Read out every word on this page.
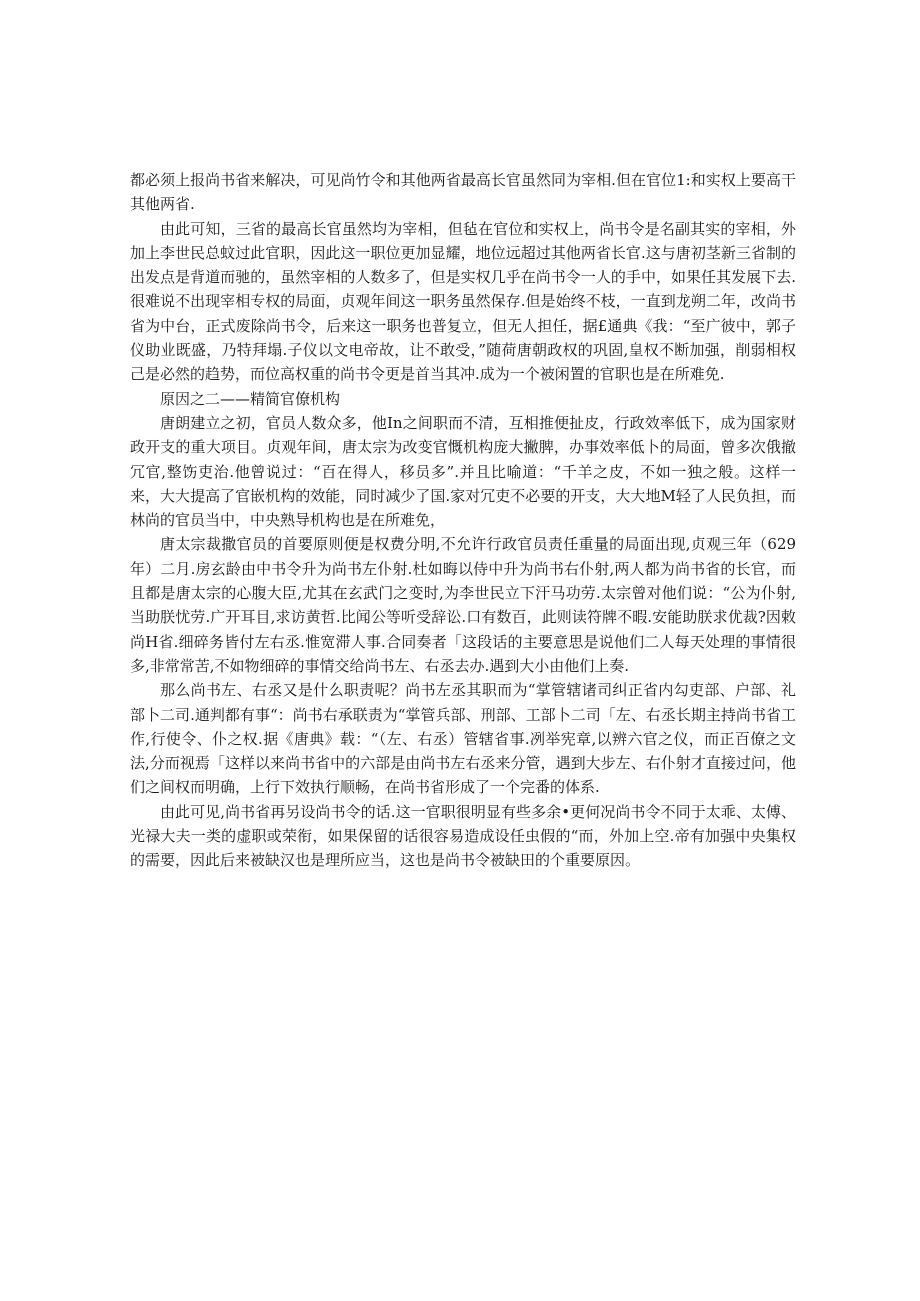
都必须上报尚书省来解决，可见尚竹令和其他两省最高长官虽然同为宰相.但在官位1:和实权上要高干其他两省.

由此可知，三省的最高长官虽然均为宰相，但毡在官位和实权上，尚书令是名副其实的宰相，外加上李世民总蚊过此官职，因此这一职位更加显耀，地位远超过其他两省长官.这与唐初茎新三省制的出发点是背道而驰的，虽然宰相的人数多了，但是实权几乎在尚书令一人的手中，如果任其发展下去.很难说不出现宰相专权的局面，贞观年间这一职务虽然保存.但是始终不枝，一直到龙朔二年，改尚书省为中台，正式废除尚书令，后来这一职务也普复立，但无人担任，据£通典《我：“至广彼中，郭子仪助业既盛，乃特拜塌.子仪以文电帝故，让不敢受，”随荷唐朝政权的巩固,皇权不断加强，削弱相权己是必然的趋势，而位高权重的尚书令更是首当其冲.成为一个被闲置的官职也是在所难免.

原因之二——精简官僚机构

唐朗建立之初，官员人数众多，他In之间职而不清，互相推便扯皮，行政效率低下，成为国家财政开支的重大项目。贞观年间，唐太宗为改变官慨机构庞大撇脾，办事效率低卜的局面，曾多次俄撤冗官,整饬吏治.他曾说过：“百在得人，移员多”.并且比喻道：“千羊之皮，不如一独之般。这样一来，大大提高了官嵌机构的效能，同时减少了国.家对冗吏不必要的开支，大大地M轻了人民负担，而林尚的官员当中，中央熟导机构也是在所难免，

唐太宗裁撒官员的首要原则便是权费分明,不允许行政官员责任重量的局面出现,贞观三年（629年）二月.房玄龄由中书令升为尚书左仆射.杜如晦以侍中升为尚书右仆射,两人都为尚书省的长官，而且都是唐太宗的心腹大臣,尤其在玄武门之变时,为李世民立下汗马功劳.太宗曾对他们说：“公为仆射,当助朕忧劳.广开耳目,求访黄哲.比闻公等听受辞讼.口有数百，此则读符牌不暇.安能助朕求优裁?因敕尚H省.细碎务皆付左右丞.惟宽滞人事.合同奏者「这段话的主要意思是说他们二人每天处理的事情很多,非常常苦,不如物细碎的事情交给尚书左、右丞去办.遇到大小由他们上奏.

那么尚书左、右丞又是什么职责呢？尚书左丞其职而为“掌管辖诸司纠正省内勾吏部、户部、礼部卜二司.通判都有事“：尚书右承联责为“掌管兵部、刑部、工部卜二司「左、右丞长期主持尚书省工作,行使令、仆之权.据《唐典》载：“（左、右丞）管辖省事.冽举宪章,以辨六官之仪，而正百僚之文法,分而视焉「这样以来尚书省中的六部是由尚书左右丞来分管，遇到大步左、右仆射才直接过问，他们之间权而明确，上行下效执行顺畅，在尚书省形成了一个完番的体系.

由此可见,尚书省再另设尚书令的话.这一官职很明显有些多余•更何况尚书令不同于太乖、太傅、光禄大夫一类的虚职或荣衔，如果保留的话很容易造成设任虫假的“而，外加上空.帝有加强中央集权的需要，因此后来被缺汉也是理所应当，这也是尚书令被缺田的个重要原因。
